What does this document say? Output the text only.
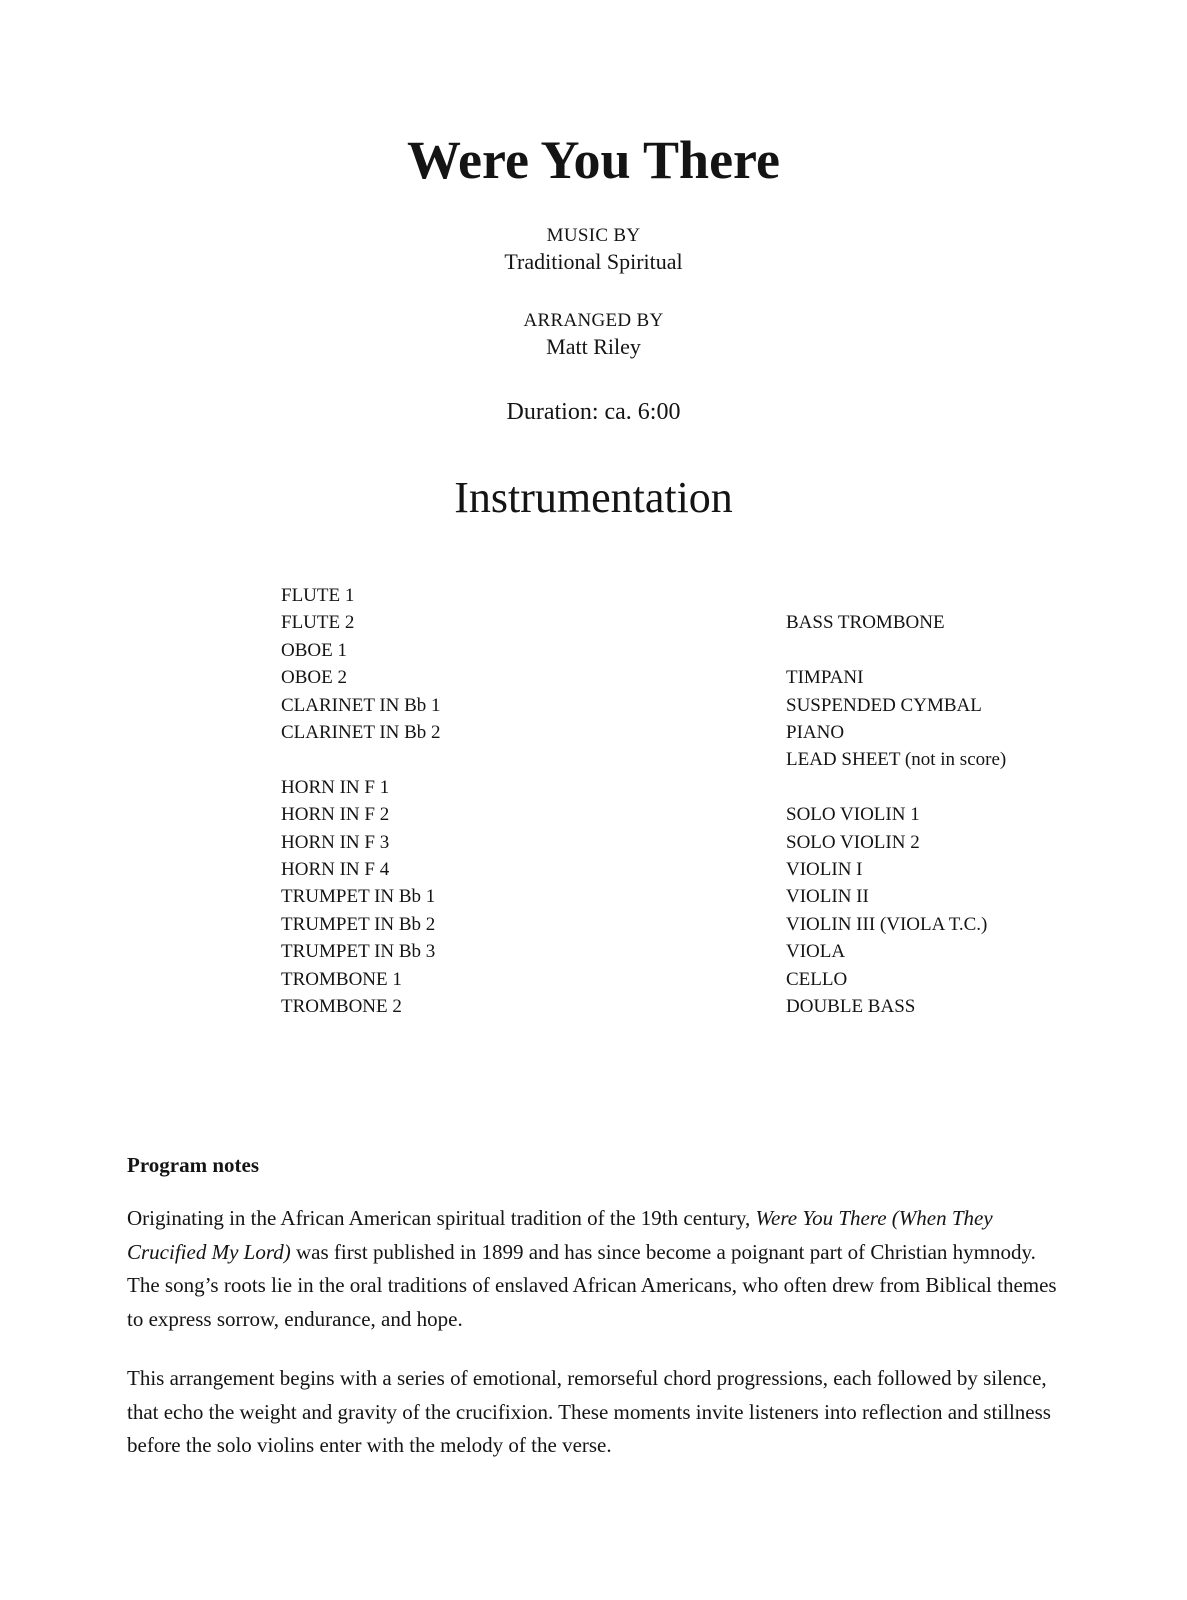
Were You There
MUSIC BY
Traditional Spiritual
ARRANGED BY
Matt Riley
Duration: ca. 6:00
Instrumentation
FLUTE 1
FLUTE 2
OBOE 1
OBOE 2
CLARINET IN Bb 1
CLARINET IN Bb 2
HORN IN F 1
HORN IN F 2
HORN IN F 3
HORN IN F 4
TRUMPET IN Bb 1
TRUMPET IN Bb 2
TRUMPET IN Bb 3
TROMBONE 1
TROMBONE 2
BASS TROMBONE
TIMPANI
SUSPENDED CYMBAL
PIANO
LEAD SHEET (not in score)
SOLO VIOLIN 1
SOLO VIOLIN 2
VIOLIN I
VIOLIN II
VIOLIN III (VIOLA T.C.)
VIOLA
CELLO
DOUBLE BASS
Program notes

Originating in the African American spiritual tradition of the 19th century, Were You There (When They Crucified My Lord) was first published in 1899 and has since become a poignant part of Christian hymnody. The song’s roots lie in the oral traditions of enslaved African Americans, who often drew from Biblical themes to express sorrow, endurance, and hope.

This arrangement begins with a series of emotional, remorseful chord progressions, each followed by silence, that echo the weight and gravity of the crucifixion. These moments invite listeners into reflection and stillness before the solo violins enter with the melody of the verse.
